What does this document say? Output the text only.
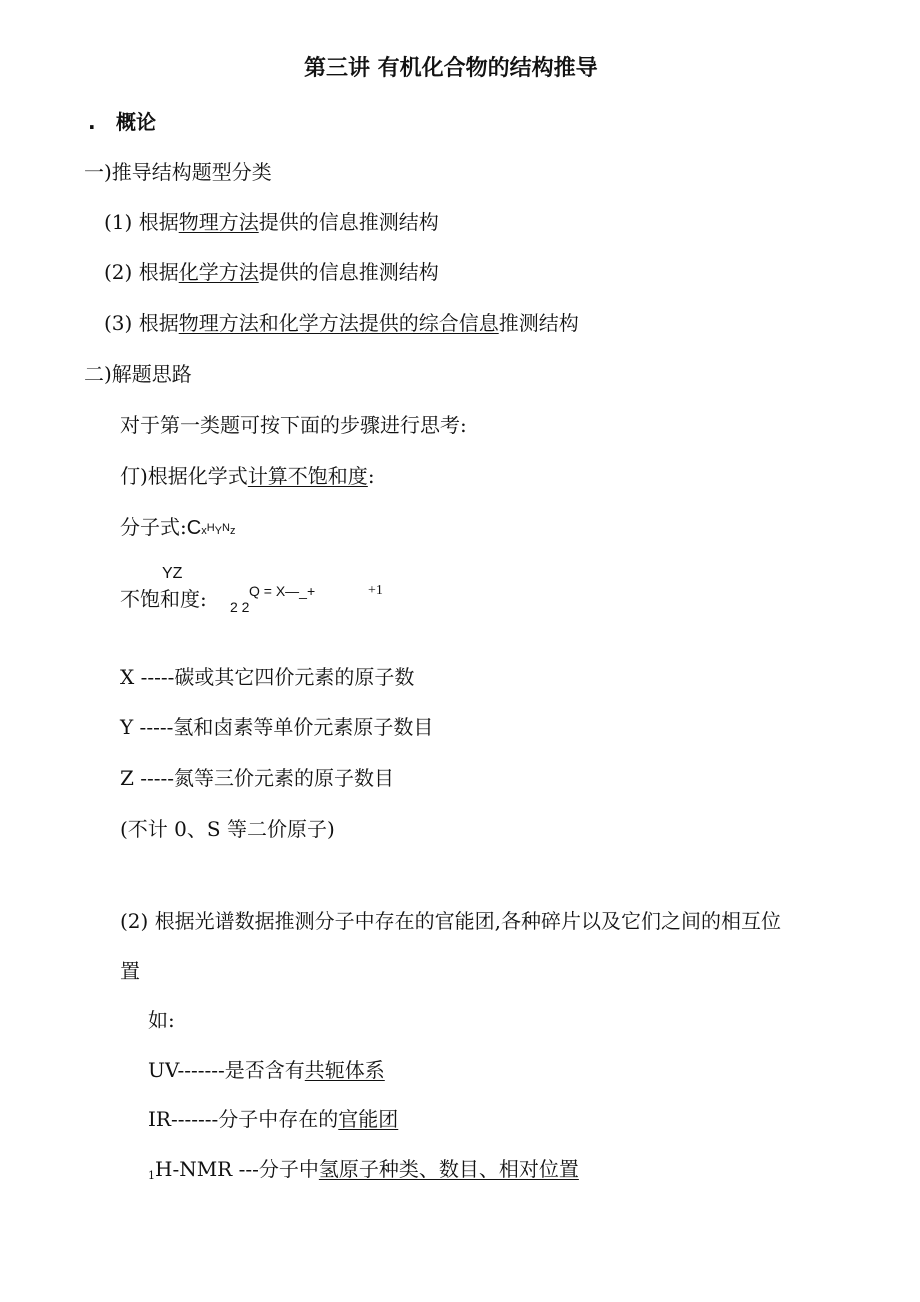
第三讲 有机化合物的结构推导
. 概论
一)推导结构题型分类
(1) 根据物理方法提供的信息推测结构
(2) 根据化学方法提供的信息推测结构
(3) 根据物理方法和化学方法提供的综合信息推测结构
二)解题思路
对于第一类题可按下面的步骤进行思考:
仃)根据化学式计算不饱和度:
分子式:CxHYNz
YZ
不饱和度: 2 2
Q = X—_+	+1
X -----碳或其它四价元素的原子数
Y -----氢和卤素等单价元素原子数目
Z -----氮等三价元素的原子数目
(不计 0、S 等二价原子)
(2) 根据光谱数据推测分子中存在的官能团,各种碎片以及它们之间的相互位
置
如:
UV-------是否含有共轭体系
IR-------分子中存在的官能团
1H-NMR ---分子中氢原子种类、数目、相对位置
